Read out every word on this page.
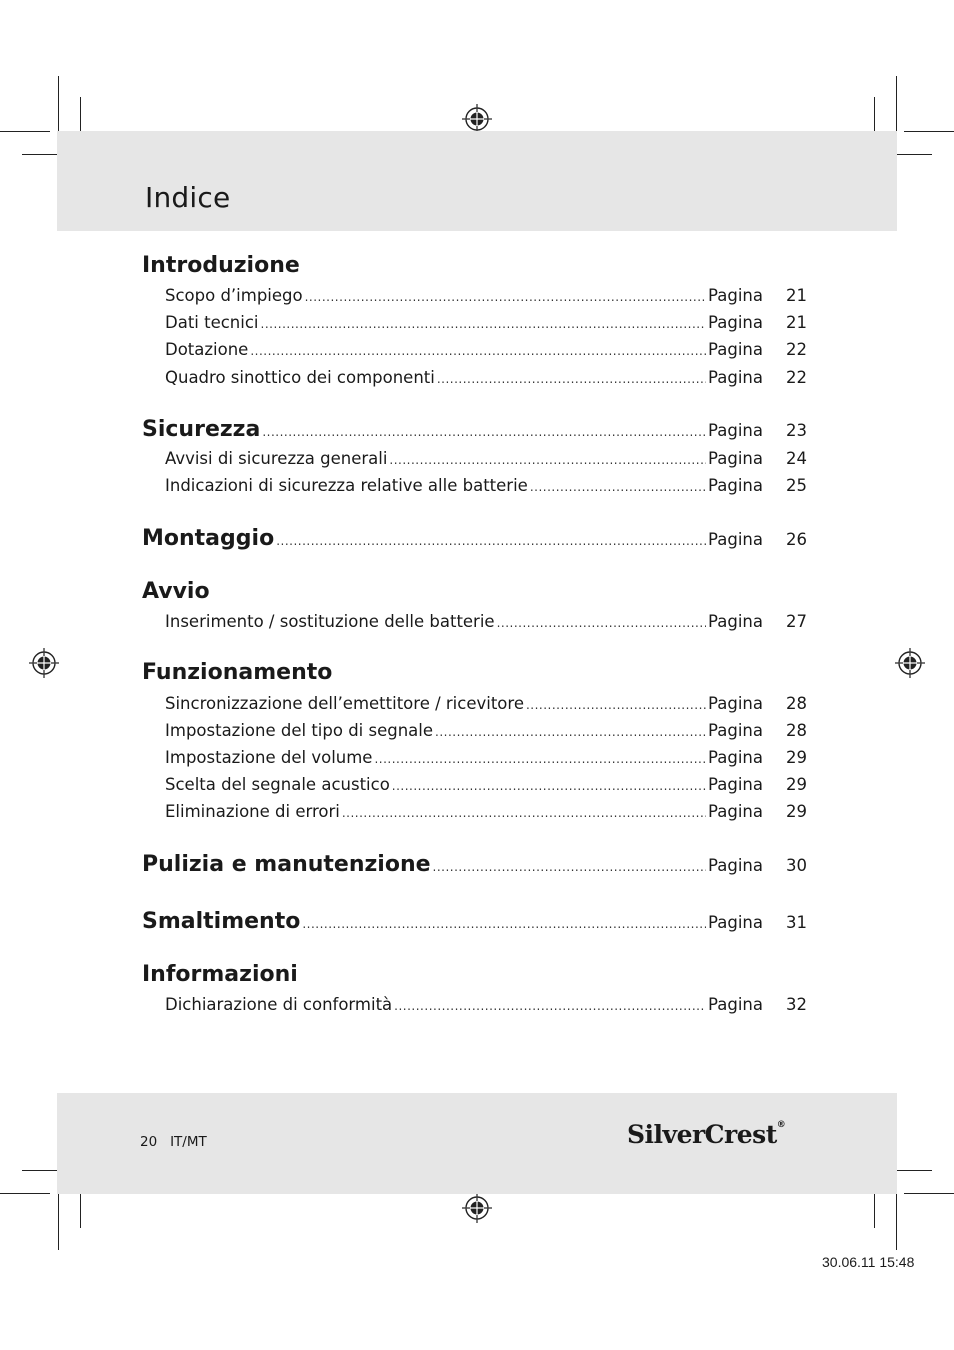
Indice
Introduzione
Scopo d’impiego .....	Pagina	21
Dati tecnici .....	Pagina	21
Dotazione .....	Pagina	22
Quadro sinottico dei componenti .....	Pagina	22
Sicurezza .....	Pagina	23
Avvisi di sicurezza generali .....	Pagina	24
Indicazioni di sicurezza relative alle batterie .....	Pagina	25
Montaggio .....	Pagina	26
Avvio
Inserimento / sostituzione delle batterie .....	Pagina	27
Funzionamento
Sincronizzazione dell’emettitore / ricevitore .....	Pagina	28
Impostazione del tipo di segnale .....	Pagina	28
Impostazione del volume .....	Pagina	29
Scelta del segnale acustico .....	Pagina	29
Eliminazione di errori .....	Pagina	29
Pulizia e manutenzione .....	Pagina	30
Smaltimento .....	Pagina	31
Informazioni
Dichiarazione di conformità .....	Pagina	32
20 IT/MT	SilverCrest®
30.06.11 15:48
